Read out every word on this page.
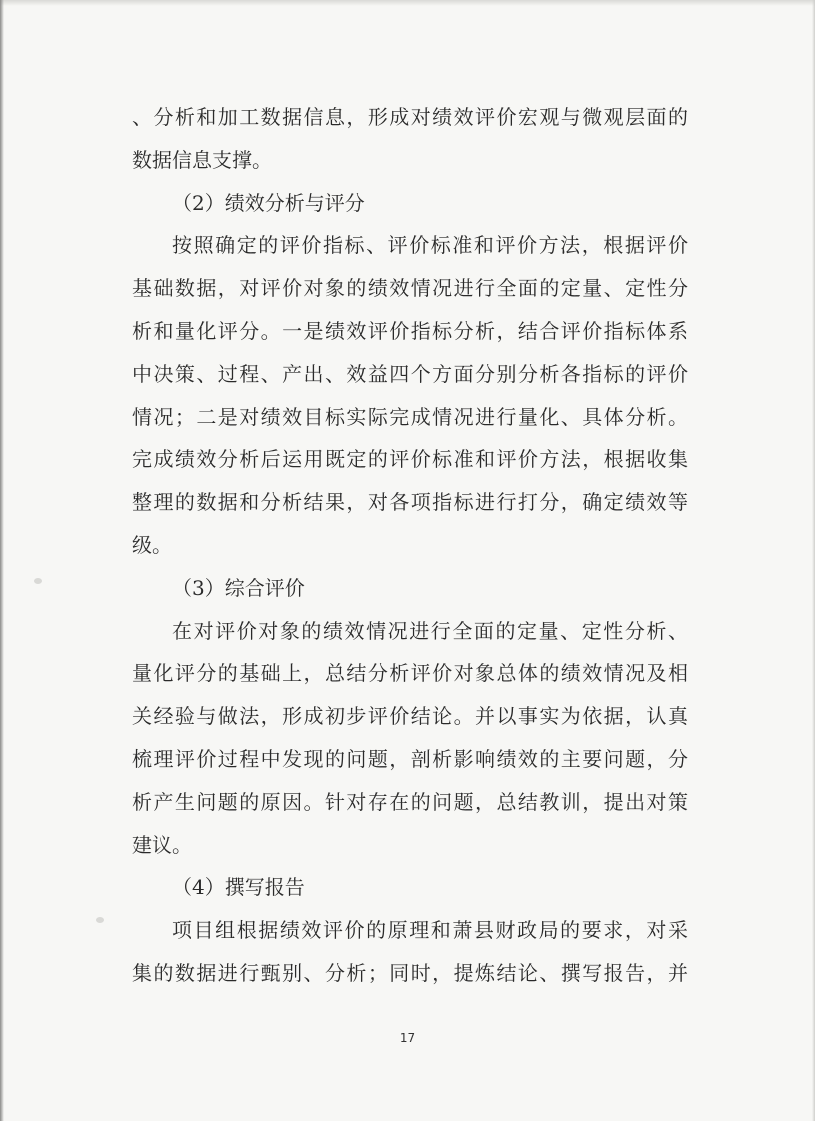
、分析和加工数据信息，形成对绩效评价宏观与微观层面的
数据信息支撑。
（2）绩效分析与评分
按照确定的评价指标、评价标准和评价方法，根据评价
基础数据，对评价对象的绩效情况进行全面的定量、定性分
析和量化评分。一是绩效评价指标分析，结合评价指标体系
中决策、过程、产出、效益四个方面分别分析各指标的评价
情况；二是对绩效目标实际完成情况进行量化、具体分析。
完成绩效分析后运用既定的评价标准和评价方法，根据收集
整理的数据和分析结果，对各项指标进行打分，确定绩效等
级。
（3）综合评价
在对评价对象的绩效情况进行全面的定量、定性分析、
量化评分的基础上，总结分析评价对象总体的绩效情况及相
关经验与做法，形成初步评价结论。并以事实为依据，认真
梳理评价过程中发现的问题，剖析影响绩效的主要问题，分
析产生问题的原因。针对存在的问题，总结教训，提出对策
建议。
（4）撰写报告
项目组根据绩效评价的原理和萧县财政局的要求，对采
集的数据进行甄别、分析；同时，提炼结论、撰写报告，并
17
